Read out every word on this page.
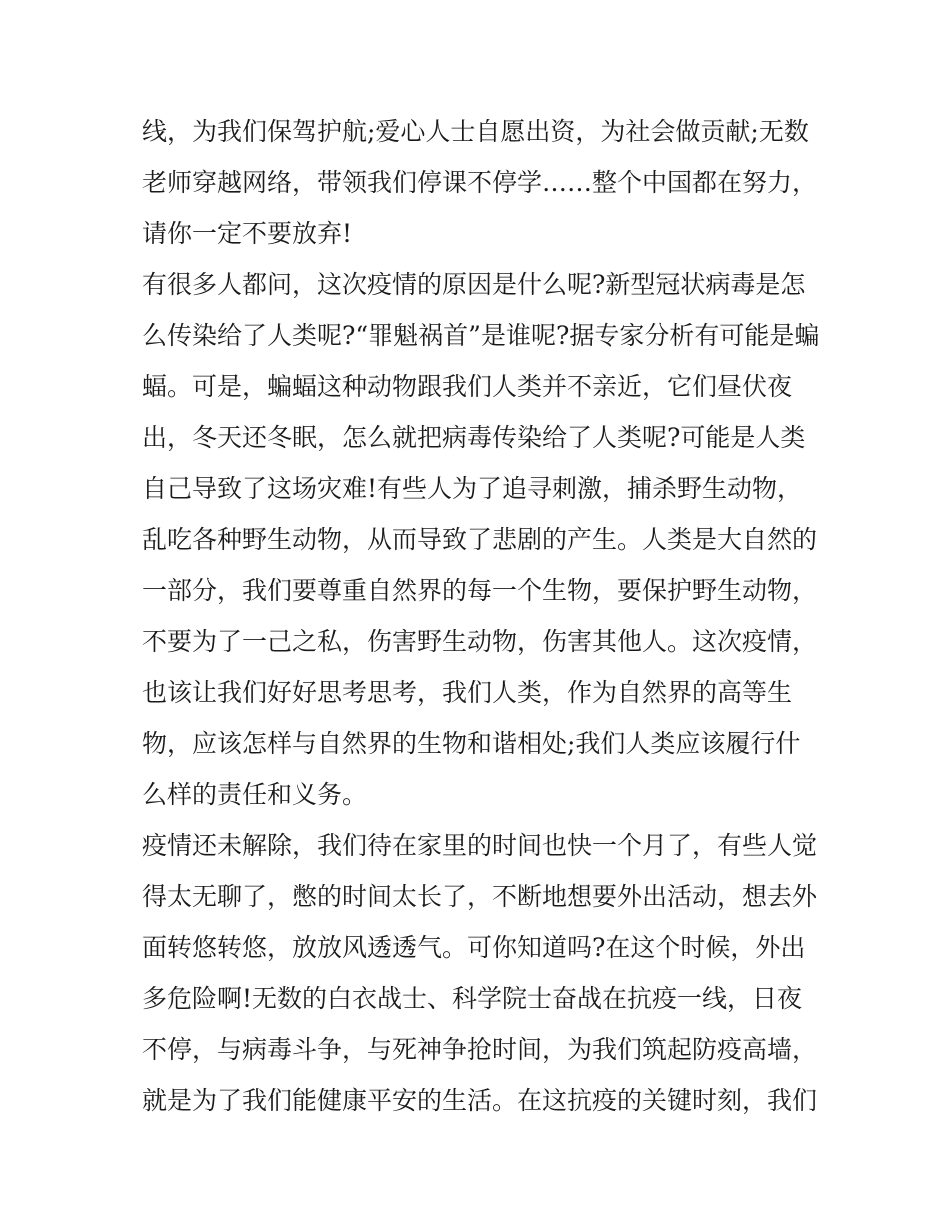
线，为我们保驾护航;爱心人士自愿出资，为社会做贡献;无数
老师穿越网络，带领我们停课不停学……整个中国都在努力，
请你一定不要放弃!
有很多人都问，这次疫情的原因是什么呢?新型冠状病毒是怎
么传染给了人类呢?“罪魁祸首”是谁呢?据专家分析有可能是蝙
蝠。可是，蝙蝠这种动物跟我们人类并不亲近，它们昼伏夜
出，冬天还冬眠，怎么就把病毒传染给了人类呢?可能是人类
自己导致了这场灾难!有些人为了追寻刺激，捕杀野生动物，
乱吃各种野生动物，从而导致了悲剧的产生。人类是大自然的
一部分，我们要尊重自然界的每一个生物，要保护野生动物，
不要为了一己之私，伤害野生动物，伤害其他人。这次疫情，
也该让我们好好思考思考，我们人类，作为自然界的高等生
物，应该怎样与自然界的生物和谐相处;我们人类应该履行什
么样的责任和义务。
疫情还未解除，我们待在家里的时间也快一个月了，有些人觉
得太无聊了，憋的时间太长了，不断地想要外出活动，想去外
面转悠转悠，放放风透透气。可你知道吗?在这个时候，外出
多危险啊!无数的白衣战士、科学院士奋战在抗疫一线，日夜
不停，与病毒斗争，与死神争抢时间，为我们筑起防疫高墙，
就是为了我们能健康平安的生活。在这抗疫的关键时刻，我们
